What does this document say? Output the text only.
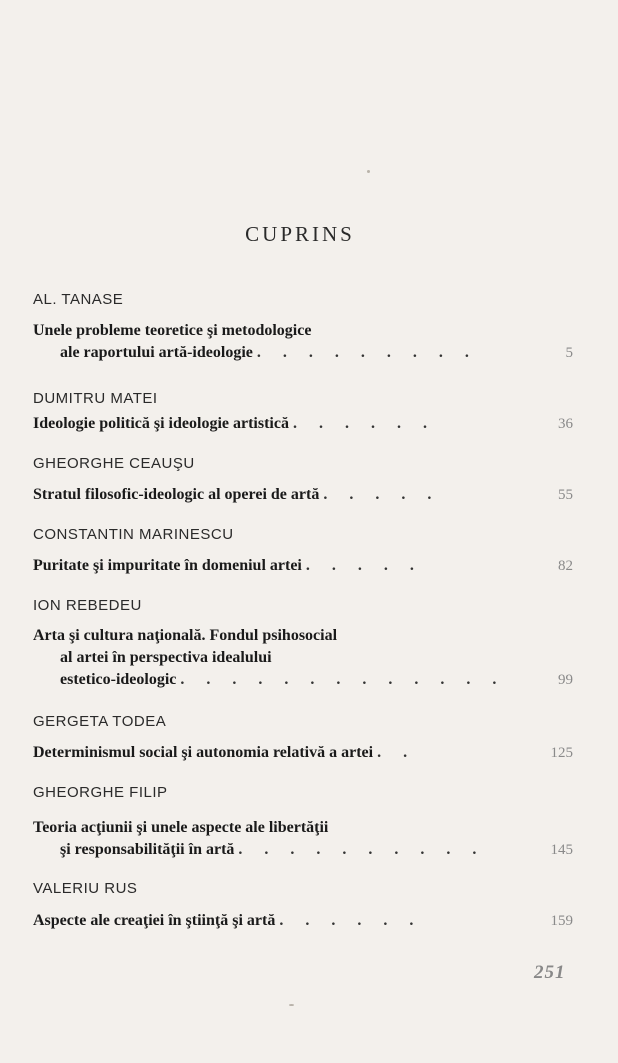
CUPRINS
AL. TANASE
Unele probleme teoretice şi metodologice
ale raportului artă-ideologie . . . . . . . . .	5
DUMITRU MATEI
Ideologie politică şi ideologie artistică . . . . . .	36
GHEORGHE CEAUŞU
Stratul filosofic-ideologic al operei de artă . . . . .	55
CONSTANTIN MARINESCU
Puritate şi impuritate în domeniul artei . . . . .	82
ION REBEDEU
Arta şi cultura naţională. Fondul psihosocial
al artei în perspectiva idealului
estetico-ideologic . . . . . . . . . . . . .	99
GERGETA TODEA
Determinismul social şi autonomia relativă a artei . .	125
GHEORGHE FILIP
Teoria acţiunii şi unele aspecte ale libertăţii
şi responsabilităţii în artă . . . . . . . . . .	145
VALERIU RUS
Aspecte ale creaţiei în ştiinţă şi artă . . . . . .	159
251
